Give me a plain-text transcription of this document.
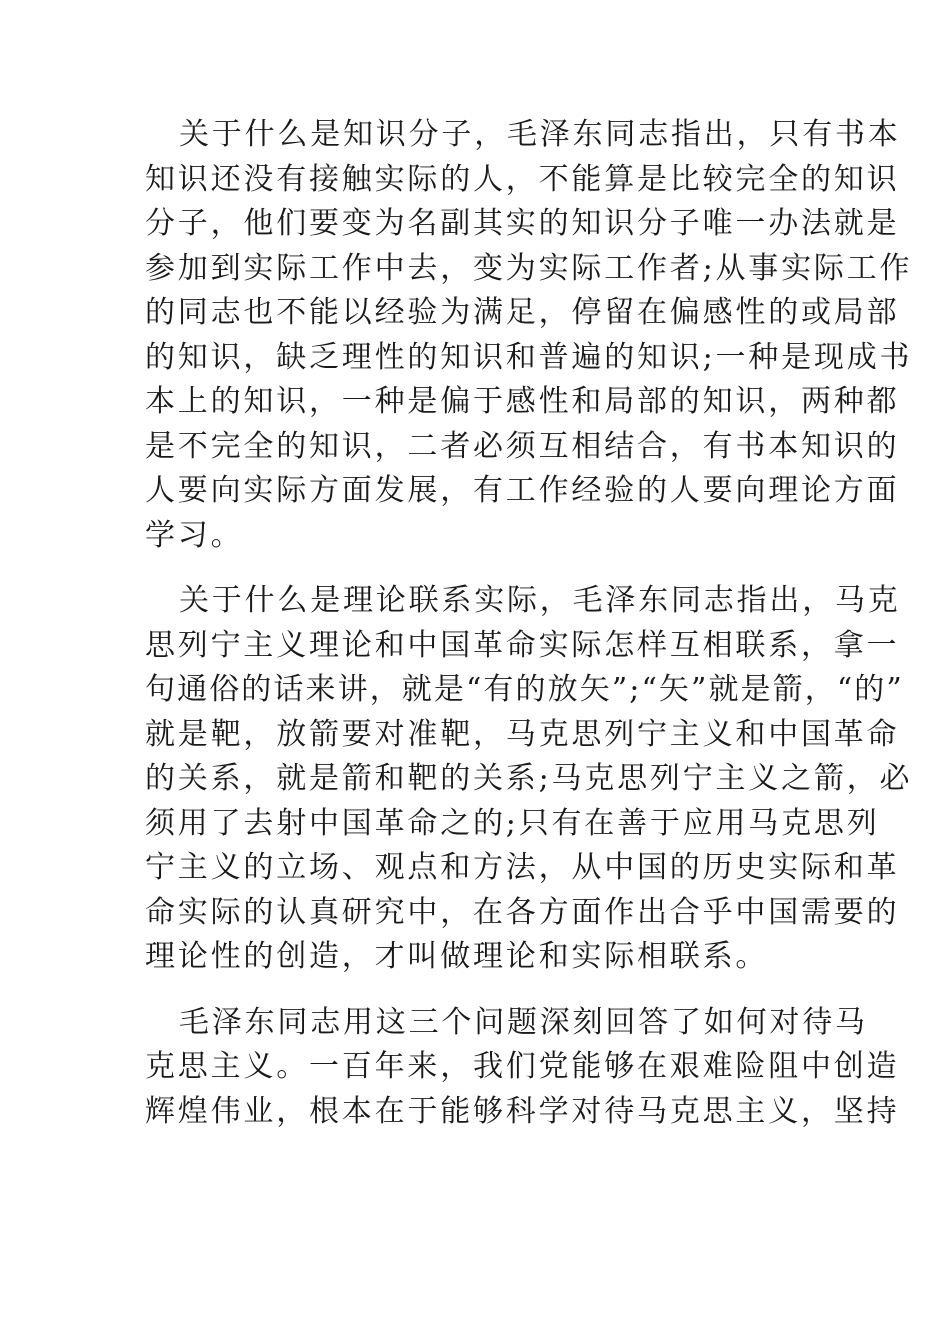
关于什么是知识分子，毛泽东同志指出，只有书本
知识还没有接触实际的人，不能算是比较完全的知识
分子，他们要变为名副其实的知识分子唯一办法就是
参加到实际工作中去，变为实际工作者;从事实际工作
的同志也不能以经验为满足，停留在偏感性的或局部
的知识，缺乏理性的知识和普遍的知识;一种是现成书
本上的知识，一种是偏于感性和局部的知识，两种都
是不完全的知识，二者必须互相结合，有书本知识的
人要向实际方面发展，有工作经验的人要向理论方面
学习。
关于什么是理论联系实际，毛泽东同志指出，马克
思列宁主义理论和中国革命实际怎样互相联系，拿一
句通俗的话来讲，就是“有的放矢”;“矢”就是箭，“的”
就是靶，放箭要对准靶，马克思列宁主义和中国革命
的关系，就是箭和靶的关系;马克思列宁主义之箭，必
须用了去射中国革命之的;只有在善于应用马克思列
宁主义的立场、观点和方法，从中国的历史实际和革
命实际的认真研究中，在各方面作出合乎中国需要的
理论性的创造，才叫做理论和实际相联系。
毛泽东同志用这三个问题深刻回答了如何对待马
克思主义。一百年来，我们党能够在艰难险阻中创造
辉煌伟业，根本在于能够科学对待马克思主义，坚持
